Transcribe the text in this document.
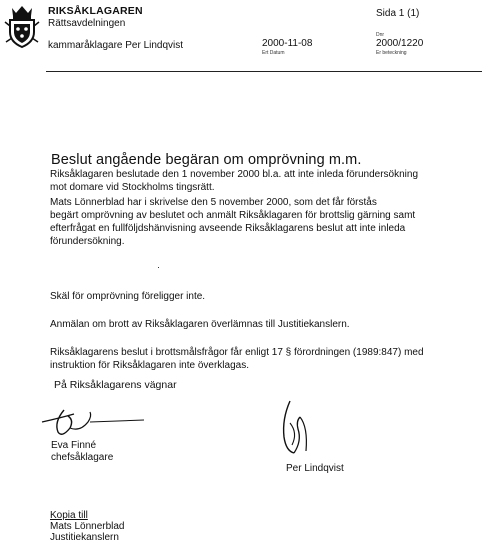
RIKSÅKLAGAREN
Rättsavdelningen
kammaråklagare Per Lindqvist
Sida 1 (1)
2000-11-08
Ert Datum
Dnr
2000/1220
Er beteckning
Beslut angående begäran om omprövning m.m.
Riksåklagaren beslutade den 1 november 2000 bl.a. att inte inleda förundersökning
mot domare vid Stockholms tingsrätt.
Mats Lönnerblad har i skrivelse den 5 november 2000, som det får förstås
begärt omprövning av beslutet och anmält Riksåklagaren för brottslig gärning samt
efterfrågat en fullföljdshänvisning avseende Riksåklagarens beslut att inte inleda
förundersökning.
Skäl för omprövning föreligger inte.
Anmälan om brott av Riksåklagaren överlämnas till Justitiekanslern.
Riksåklagarens beslut i brottsmålsfrågor får enligt 17 § förordningen (1989:847) med
instruktion för Riksåklagaren inte överklagas.
På Riksåklagarens vägnar
Eva Finné
chefsåklagare
Per Lindqvist
Kopia till
Mats Lönnerblad
Justitiekanslern
